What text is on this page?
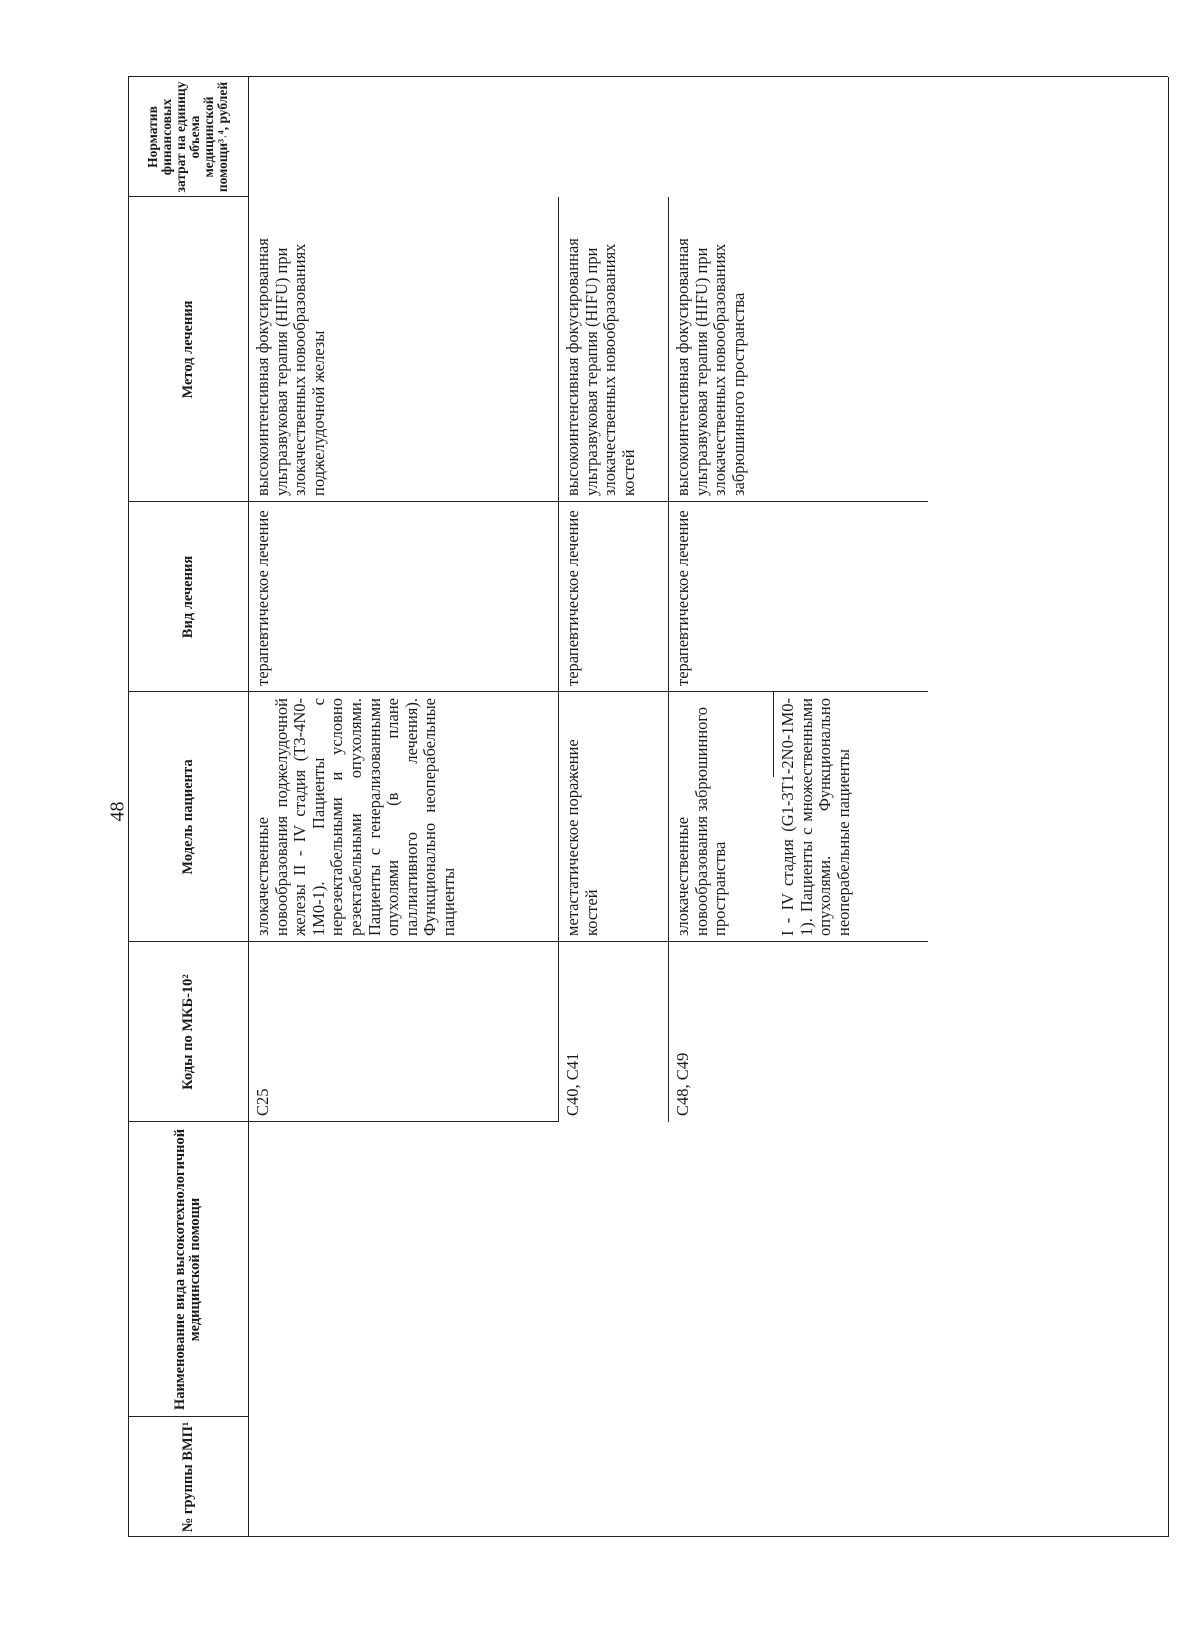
48
№ группы ВМП¹
Наименование вида высокотехнологичной медицинской помощи
Коды по МКБ-10²
Модель пациента
Вид лечения
Метод лечения
Норматив финансовых затрат на единицу объема медицинской помощи³˒⁴, рублей
C25
злокачественные новообразования поджелудочной железы II - IV стадия (T3-4N0-1M0-1). Пациенты с нерезектабельными и условно резектабельными опухолями. Пациенты с генерализованными опухолями (в плане паллиативного лечения). Функционально неоперабельные пациенты
терапевтическое лечение
высокоинтенсивная фокусированная ультразвуковая терапия (HIFU) при злокачественных новообразованиях поджелудочной железы
C40, C41
метастатическое поражение костей
терапевтическое лечение
высокоинтенсивная фокусированная ультразвуковая терапия (HIFU) при злокачественных новообразованиях костей
C48, C49
злокачественные новообразования забрюшинного пространства	I - IV стадия (G1-3T1-2N0-1M0-1). Пациенты с множественными опухолями. Функционально неоперабельные пациенты
терапевтическое лечение
высокоинтенсивная фокусированная ультразвуковая терапия (HIFU) при злокачественных новообразованиях забрюшинного пространства
